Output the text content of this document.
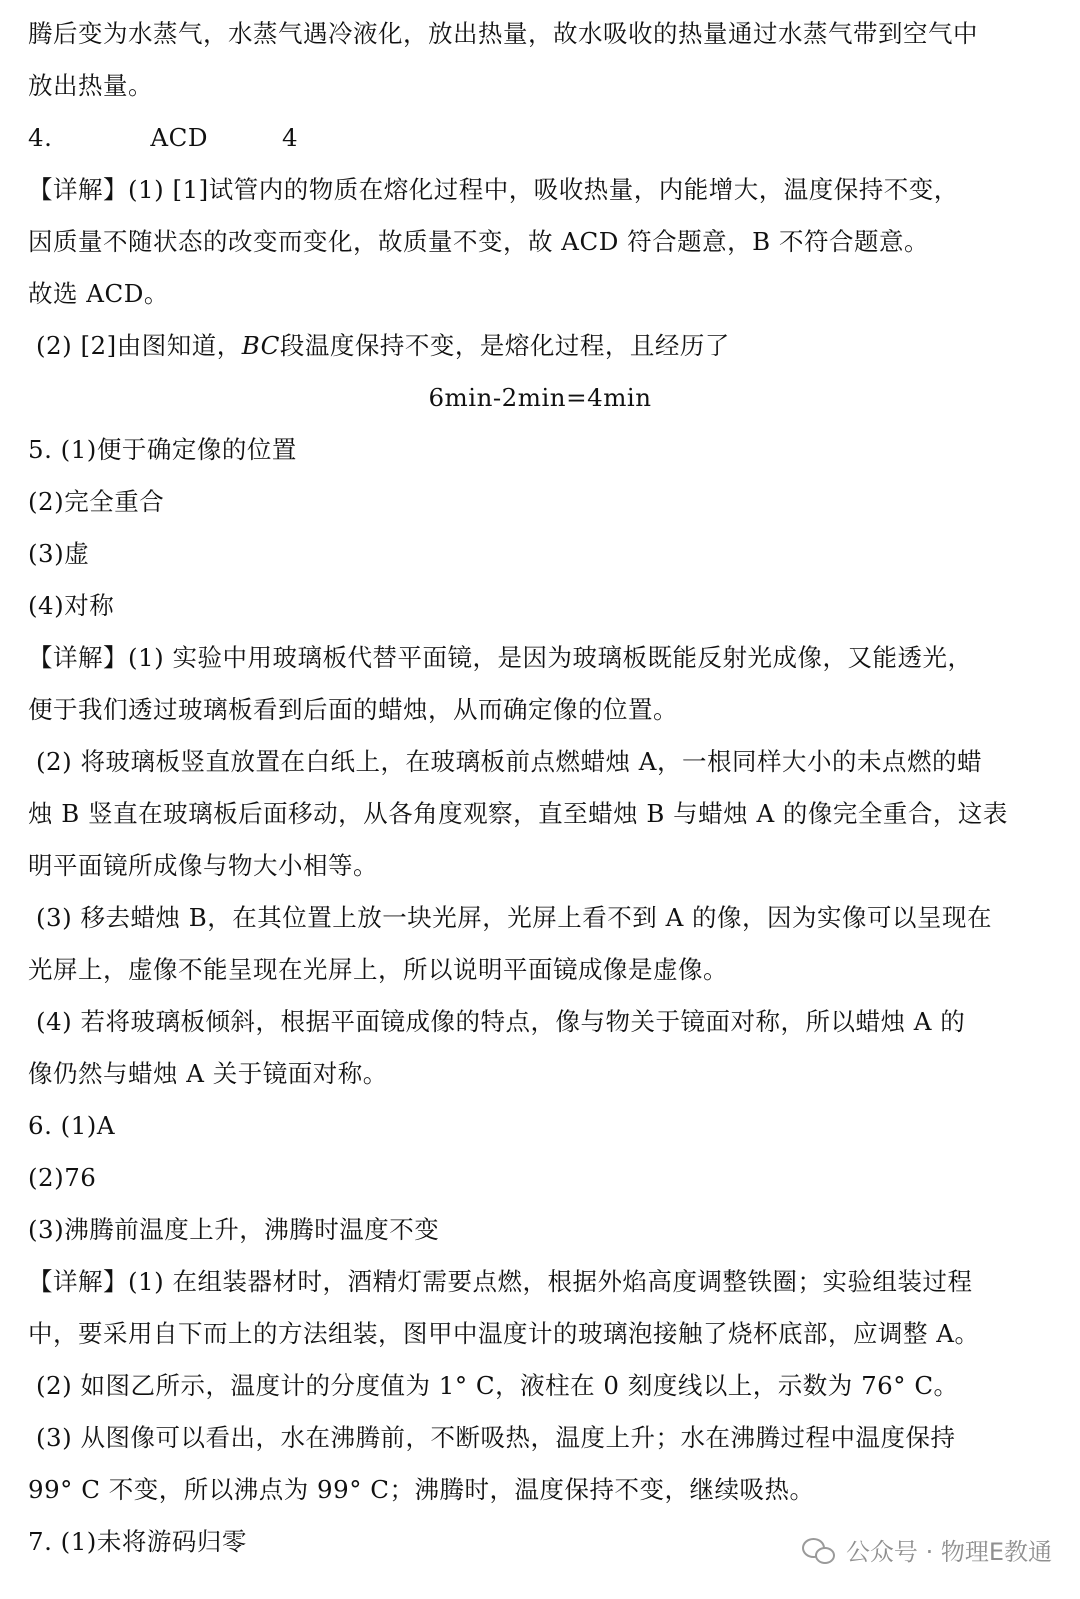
腾后变为水蒸气，水蒸气遇冷液化，放出热量，故水吸收的热量通过水蒸气带到空气中
放出热量。
4.	ACD	4
【详解】(1) [1]试管内的物质在熔化过程中，吸收热量，内能增大，温度保持不变，
因质量不随状态的改变而变化，故质量不变，故 ACD 符合题意，B 不符合题意。
故选 ACD。
(2) [2]由图知道，BC段温度保持不变，是熔化过程，且经历了
6min-2min=4min
5. (1)便于确定像的位置
(2)完全重合
(3)虚
(4)对称
【详解】(1) 实验中用玻璃板代替平面镜，是因为玻璃板既能反射光成像，又能透光，
便于我们透过玻璃板看到后面的蜡烛，从而确定像的位置。
(2) 将玻璃板竖直放置在白纸上，在玻璃板前点燃蜡烛 A，一根同样大小的未点燃的蜡
烛 B 竖直在玻璃板后面移动，从各角度观察，直至蜡烛 B 与蜡烛 A 的像完全重合，这表
明平面镜所成像与物大小相等。
(3) 移去蜡烛 B，在其位置上放一块光屏，光屏上看不到 A 的像，因为实像可以呈现在
光屏上，虚像不能呈现在光屏上，所以说明平面镜成像是虚像。
(4) 若将玻璃板倾斜，根据平面镜成像的特点，像与物关于镜面对称，所以蜡烛 A 的
像仍然与蜡烛 A 关于镜面对称。
6. (1)A
(2)76
(3)沸腾前温度上升，沸腾时温度不变
【详解】(1) 在组装器材时，酒精灯需要点燃，根据外焰高度调整铁圈；实验组装过程
中，要采用自下而上的方法组装，图甲中温度计的玻璃泡接触了烧杯底部，应调整 A。
(2) 如图乙所示，温度计的分度值为 1° C，液柱在 0 刻度线以上，示数为 76° C。
(3) 从图像可以看出，水在沸腾前，不断吸热，温度上升；水在沸腾过程中温度保持
99° C 不变，所以沸点为 99° C；沸腾时，温度保持不变，继续吸热。
7. (1)未将游码归零	公众号 · 物理E教通
